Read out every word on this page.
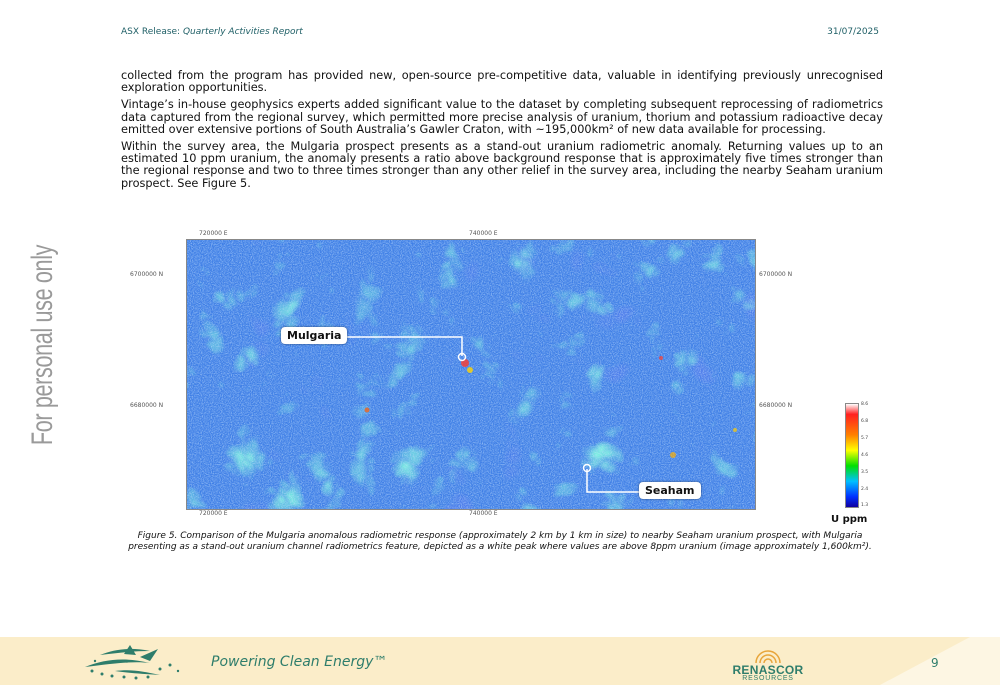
ASX Release: Quarterly Activities Report	31/07/2025
For personal use only

collected from the program has provided new, open-source pre-competitive data, valuable in identifying previously unrecognised exploration opportunities.

Vintage’s in-house geophysics experts added significant value to the dataset by completing subsequent reprocessing of radiometrics data captured from the regional survey, which permitted more precise analysis of uranium, thorium and potassium radioactive decay emitted over extensive portions of South Australia’s Gawler Craton, with ~195,000km² of new data available for processing.

Within the survey area, the Mulgaria prospect presents as a stand-out uranium radiometric anomaly. Returning values up to an estimated 10 ppm uranium, the anomaly presents a ratio above background response that is approximately five times stronger than the regional response and two to three times stronger than any other relief in the survey area, including the nearby Seaham uranium prospect. See Figure 5.

720000 E	740000 E
720000 E	740000 E
6700000 N
6680000 N
6700000 N
6680000 N
Mulgaria
Seaham
8.6
6.8
5.7
4.6
3.5
2.4
1.3
U ppm
Figure 5. Comparison of the Mulgaria anomalous radiometric response (approximately 2 km by 1 km in size) to nearby Seaham uranium prospect, with Mulgaria presenting as a stand-out uranium channel radiometrics feature, depicted as a white peak where values are above 8ppm uranium (image approximately 1,600km²).
Powering Clean Energy™	RENASCOR
RESOURCES
9
